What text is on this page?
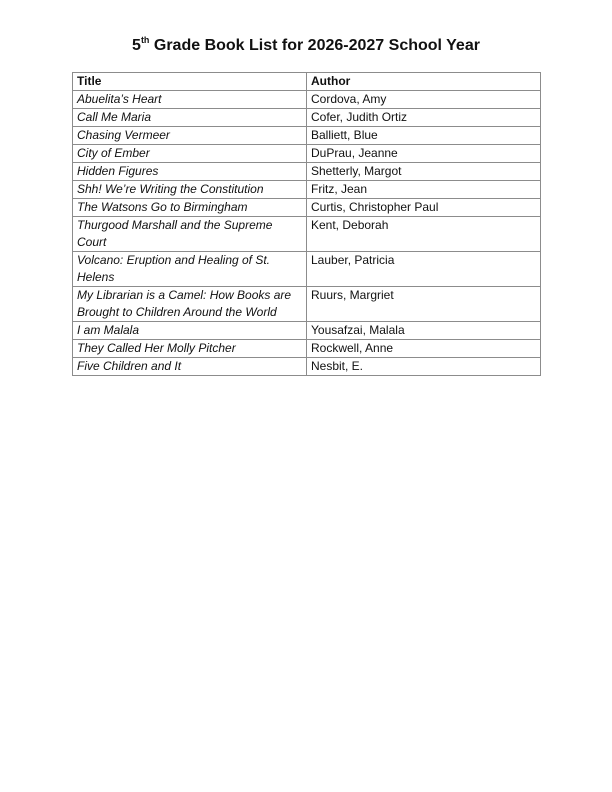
5th Grade Book List for 2026-2027 School Year
Title	Author
Abuelita’s Heart	Cordova, Amy
Call Me Maria	Cofer, Judith Ortiz
Chasing Vermeer	Balliett, Blue
City of Ember	DuPrau, Jeanne
Hidden Figures	Shetterly, Margot
Shh! We’re Writing the Constitution	Fritz, Jean
The Watsons Go to Birmingham	Curtis, Christopher Paul
Thurgood Marshall and the Supreme Court	Kent, Deborah
Volcano: Eruption and Healing of St. Helens	Lauber, Patricia
My Librarian is a Camel: How Books are Brought to Children Around the World	Ruurs, Margriet
I am Malala	Yousafzai, Malala
They Called Her Molly Pitcher	Rockwell, Anne
Five Children and It	Nesbit, E.
